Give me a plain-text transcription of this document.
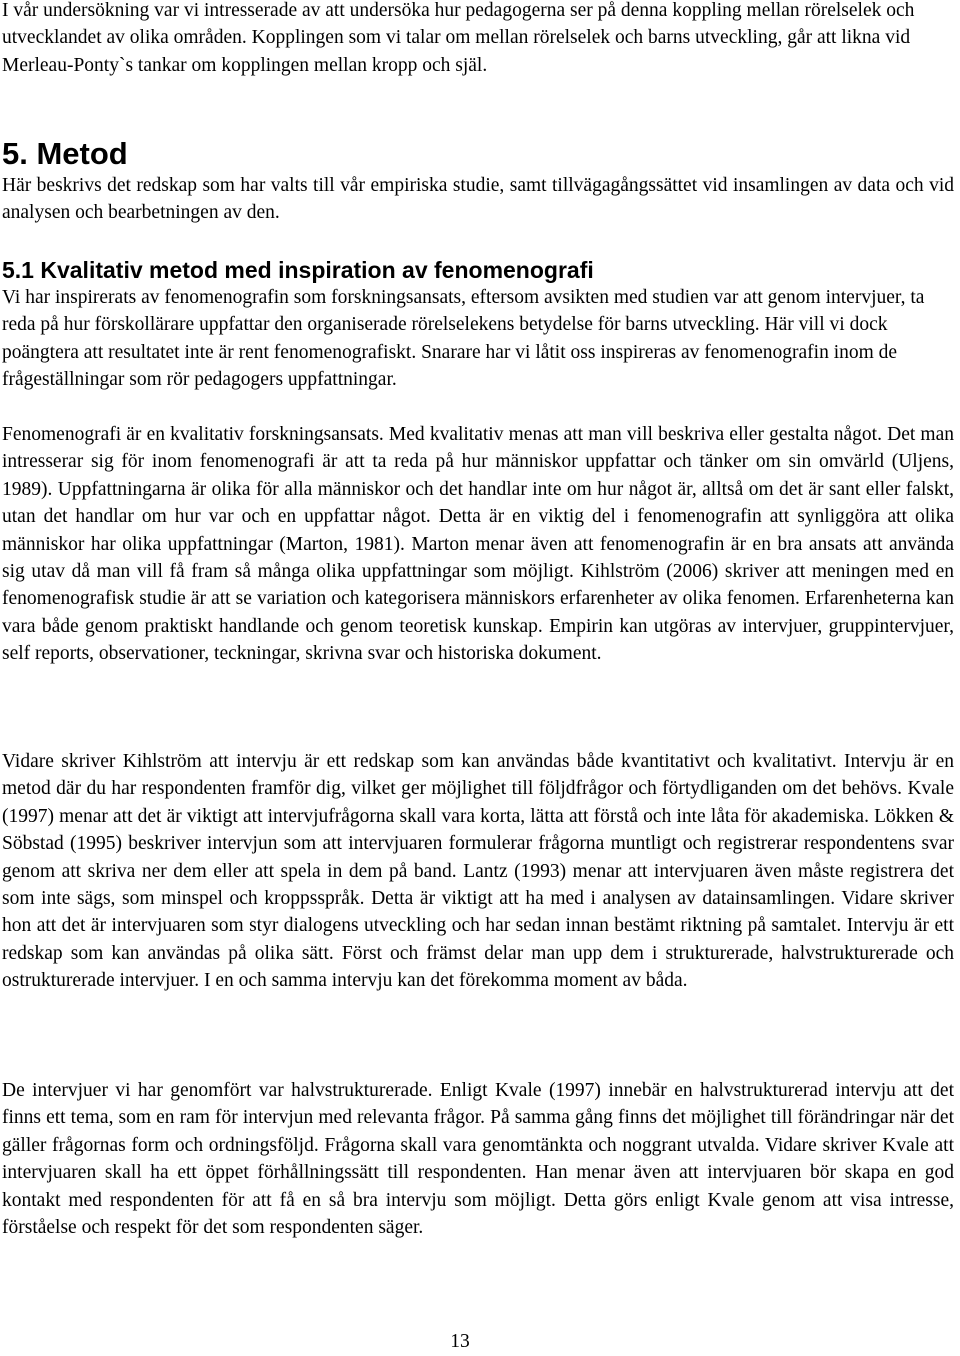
I vår undersökning var vi intresserade av att undersöka hur pedagogerna ser på denna koppling mellan rörelselek och utvecklandet av olika områden. Kopplingen som vi talar om mellan rörelselek och barns utveckling, går att likna vid Merleau-Ponty`s tankar om kopplingen mellan kropp och själ.

5. Metod

Här beskrivs det redskap som har valts till vår empiriska studie, samt tillvägagångssättet vid insamlingen av data och vid analysen och bearbetningen av den.

5.1 Kvalitativ metod med inspiration av fenomenografi

Vi har inspirerats av fenomenografin som forskningsansats, eftersom avsikten med studien var att genom intervjuer, ta reda på hur förskollärare uppfattar den organiserade rörelselekens betydelse för barns utveckling. Här vill vi dock poängtera att resultatet inte är rent fenomenografiskt. Snarare har vi låtit oss inspireras av fenomenografin inom de frågeställningar som rör pedagogers uppfattningar.

Fenomenografi är en kvalitativ forskningsansats. Med kvalitativ menas att man vill beskriva eller gestalta något. Det man intresserar sig för inom fenomenografi är att ta reda på hur människor uppfattar och tänker om sin omvärld (Uljens, 1989). Uppfattningarna är olika för alla människor och det handlar inte om hur något är, alltså om det är sant eller falskt, utan det handlar om hur var och en uppfattar något. Detta är en viktig del i fenomenografin att synliggöra att olika människor har olika uppfattningar (Marton, 1981). Marton menar även att fenomenografin är en bra ansats att använda sig utav då man vill få fram så många olika uppfattningar som möjligt. Kihlström (2006) skriver att meningen med en fenomenografisk studie är att se variation och kategorisera människors erfarenheter av olika fenomen. Erfarenheterna kan vara både genom praktiskt handlande och genom teoretisk kunskap. Empirin kan utgöras av intervjuer, gruppintervjuer, self reports, observationer, teckningar, skrivna svar och historiska dokument.

Vidare skriver Kihlström att intervju är ett redskap som kan användas både kvantitativt och kvalitativt. Intervju är en metod där du har respondenten framför dig, vilket ger möjlighet till följdfrågor och förtydliganden om det behövs. Kvale (1997) menar att det är viktigt att intervjufrågorna skall vara korta, lätta att förstå och inte låta för akademiska. Lökken & Söbstad (1995) beskriver intervjun som att intervjuaren formulerar frågorna muntligt och registrerar respondentens svar genom att skriva ner dem eller att spela in dem på band. Lantz (1993) menar att intervjuaren även måste registrera det som inte sägs, som minspel och kroppsspråk. Detta är viktigt att ha med i analysen av datainsamlingen. Vidare skriver hon att det är intervjuaren som styr dialogens utveckling och har sedan innan bestämt riktning på samtalet. Intervju är ett redskap som kan användas på olika sätt. Först och främst delar man upp dem i strukturerade, halvstrukturerade och ostrukturerade intervjuer. I en och samma intervju kan det förekomma moment av båda.

De intervjuer vi har genomfört var halvstrukturerade. Enligt Kvale (1997) innebär en halvstrukturerad intervju att det finns ett tema, som en ram för intervjun med relevanta frågor. På samma gång finns det möjlighet till förändringar när det gäller frågornas form och ordningsföljd. Frågorna skall vara genomtänkta och noggrant utvalda. Vidare skriver Kvale att intervjuaren skall ha ett öppet förhållningssätt till respondenten. Han menar även att intervjuaren bör skapa en god kontakt med respondenten för att få en så bra intervju som möjligt. Detta görs enligt Kvale genom att visa intresse, förståelse och respekt för det som respondenten säger.

13
